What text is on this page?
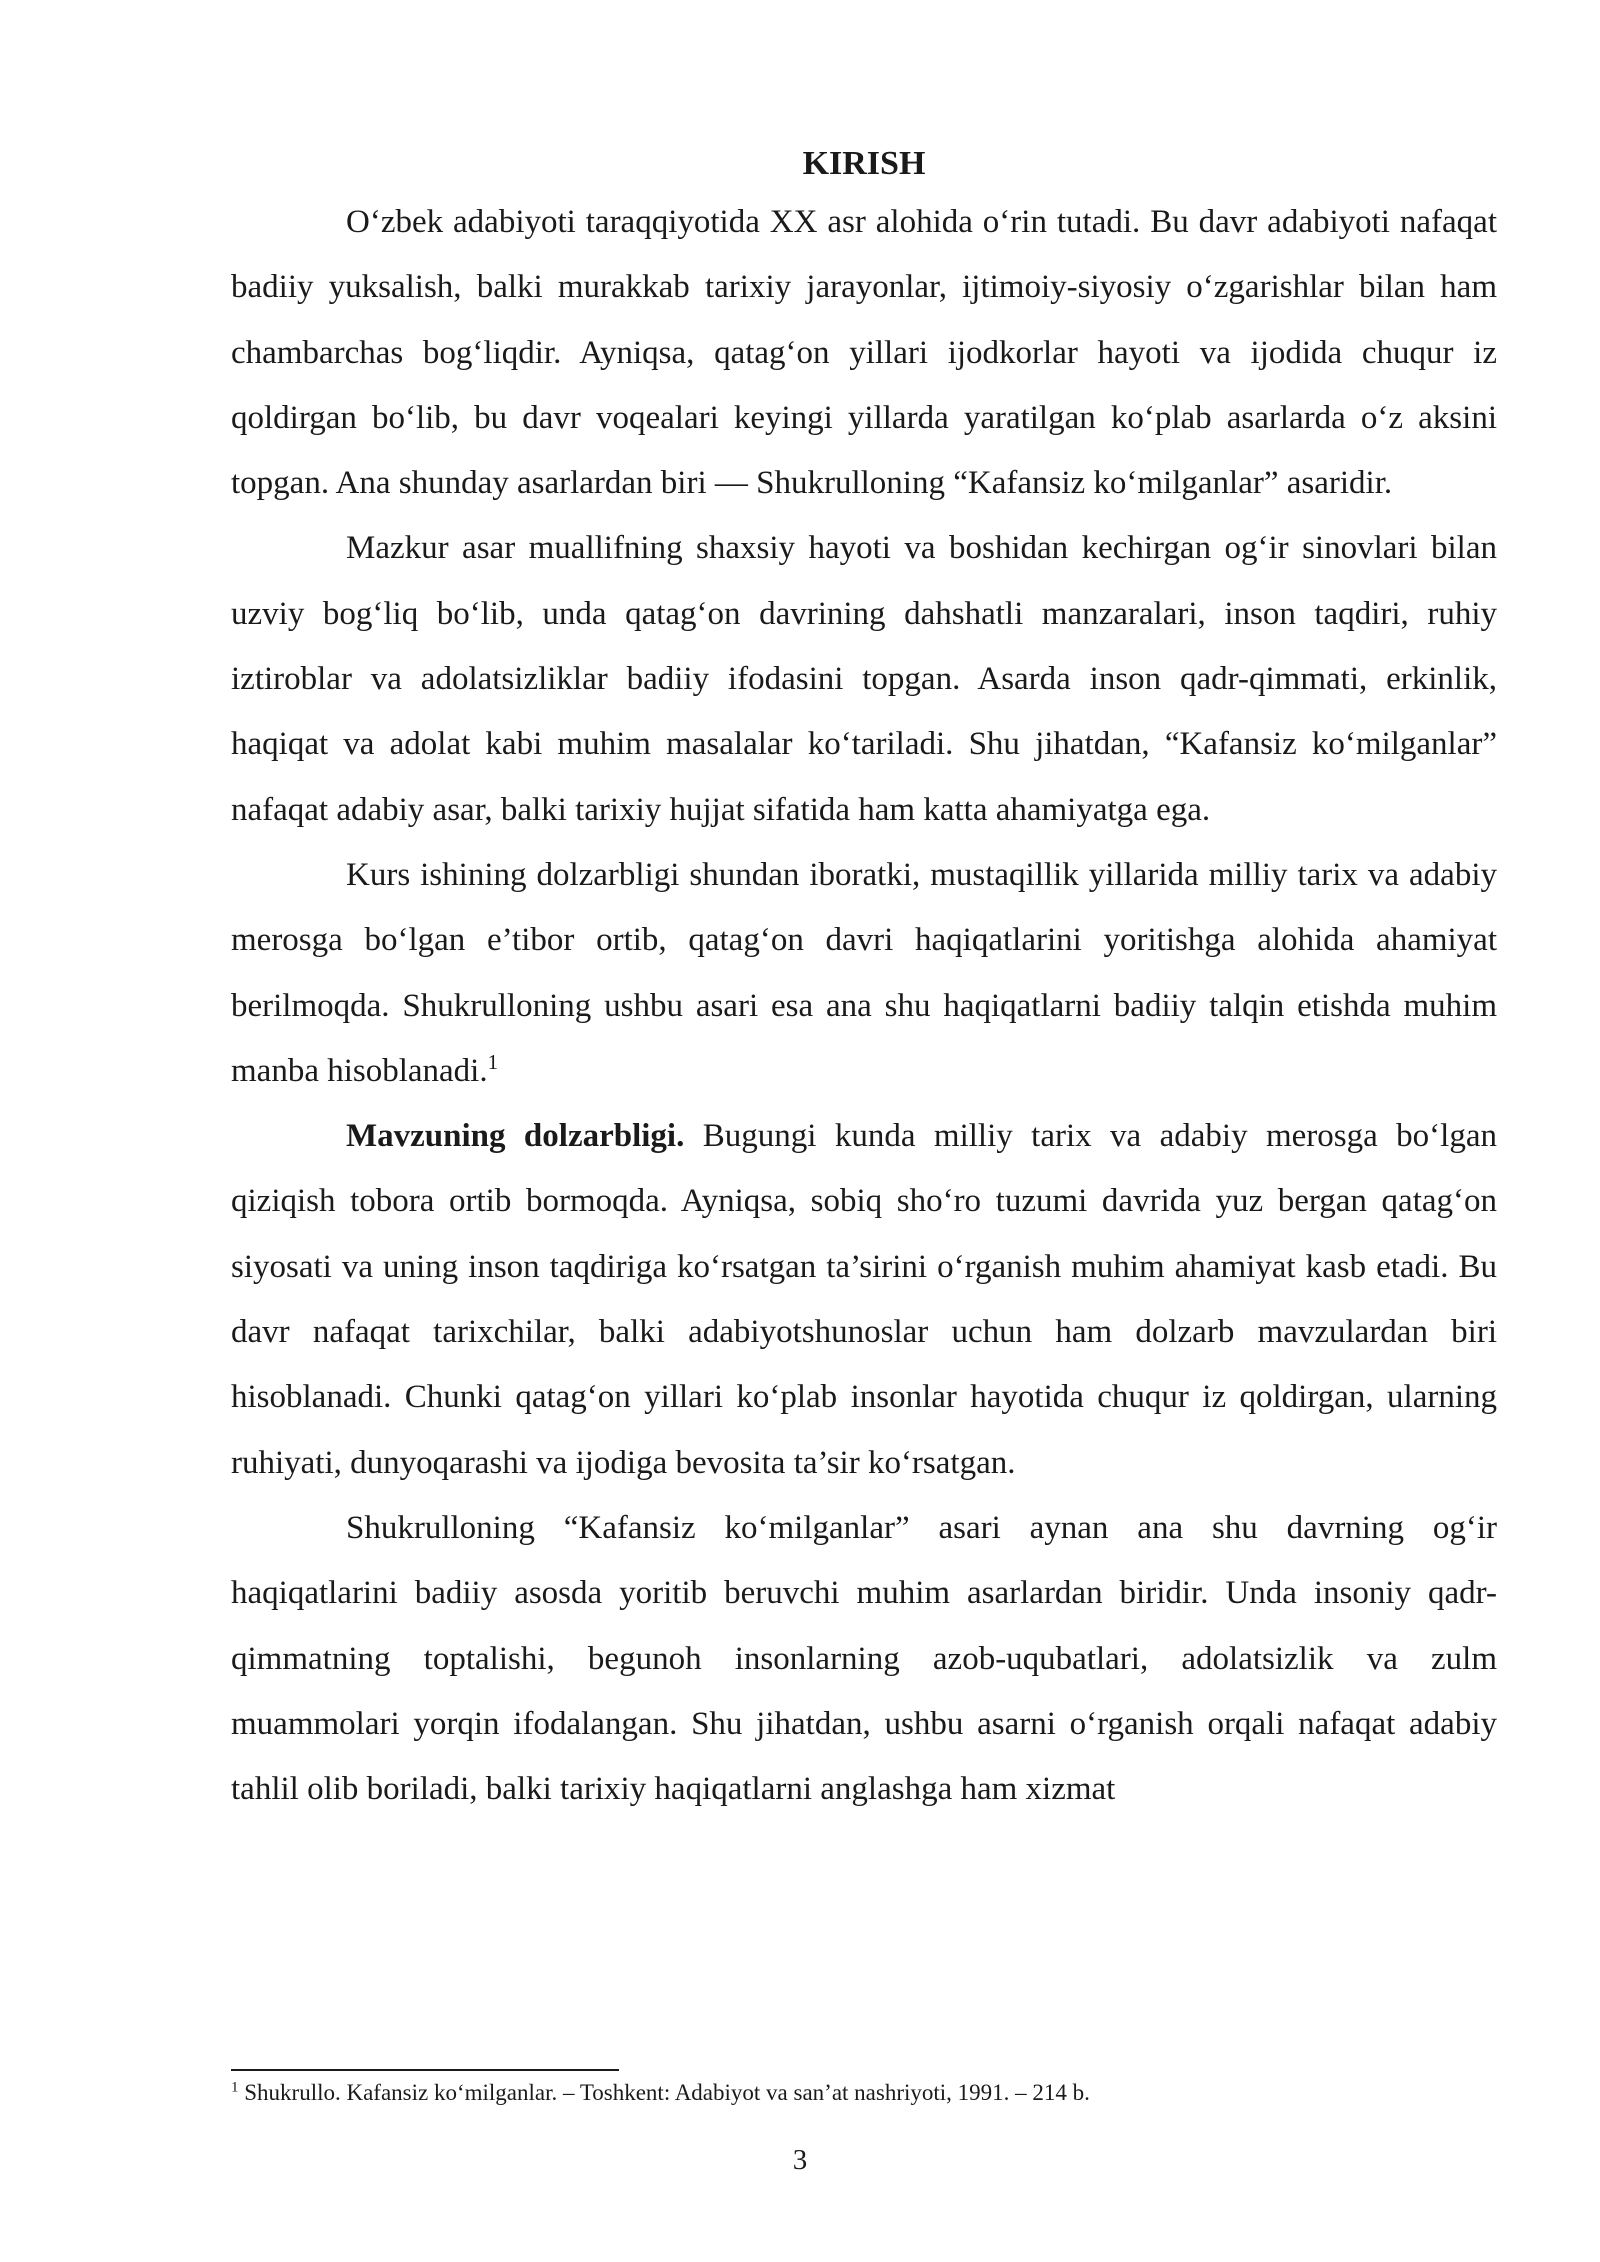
KIRISH

O‘zbek adabiyoti taraqqiyotida XX asr alohida o‘rin tutadi. Bu davr adabiyoti nafaqat badiiy yuksalish, balki murakkab tarixiy jarayonlar, ijtimoiy-siyosiy o‘zgarishlar bilan ham chambarchas bog‘liqdir. Ayniqsa, qatag‘on yillari ijodkorlar hayoti va ijodida chuqur iz qoldirgan bo‘lib, bu davr voqealari keyingi yillarda yaratilgan ko‘plab asarlarda o‘z aksini topgan. Ana shunday asarlardan biri — Shukrulloning “Kafansiz ko‘milganlar” asaridir.

Mazkur asar muallifning shaxsiy hayoti va boshidan kechirgan og‘ir sinovlari bilan uzviy bog‘liq bo‘lib, unda qatag‘on davrining dahshatli manzaralari, inson taqdiri, ruhiy iztiroblar va adolatsizliklar badiiy ifodasini topgan. Asarda inson qadr-qimmati, erkinlik, haqiqat va adolat kabi muhim masalalar ko‘tariladi. Shu jihatdan, “Kafansiz ko‘milganlar” nafaqat adabiy asar, balki tarixiy hujjat sifatida ham katta ahamiyatga ega.

Kurs ishining dolzarbligi shundan iboratki, mustaqillik yillarida milliy tarix va adabiy merosga bo‘lgan e’tibor ortib, qatag‘on davri haqiqatlarini yoritishga alohida ahamiyat berilmoqda. Shukrulloning ushbu asari esa ana shu haqiqatlarni badiiy talqin etishda muhim manba hisoblanadi.$^1$

Mavzuning dolzarbligi. Bugungi kunda milliy tarix va adabiy merosga bo‘lgan qiziqish tobora ortib bormoqda. Ayniqsa, sobiq sho‘ro tuzumi davrida yuz bergan qatag‘on siyosati va uning inson taqdiriga ko‘rsatgan ta’sirini o‘rganish muhim ahamiyat kasb etadi. Bu davr nafaqat tarixchilar, balki adabiyotshunoslar uchun ham dolzarb mavzulardan biri hisoblanadi. Chunki qatag‘on yillari ko‘plab insonlar hayotida chuqur iz qoldirgan, ularning ruhiyati, dunyoqarashi va ijodiga bevosita ta’sir ko‘rsatgan.

Shukrulloning “Kafansiz ko‘milganlar” asari aynan ana shu davrning og‘ir haqiqatlarini badiiy asosda yoritib beruvchi muhim asarlardan biridir. Unda insoniy qadr-qimmatning toptalishi, begunoh insonlarning azob-uqubatlari, adolatsizlik va zulm muammolari yorqin ifodalangan. Shu jihatdan, ushbu asarni o‘rganish orqali nafaqat adabiy tahlil olib boriladi, balki tarixiy haqiqatlarni anglashga ham xizmat

$^1$ Shukrullo. Kafansiz ko‘milganlar. – Toshkent: Adabiyot va san’at nashriyoti, 1991. – 214 b.
3
